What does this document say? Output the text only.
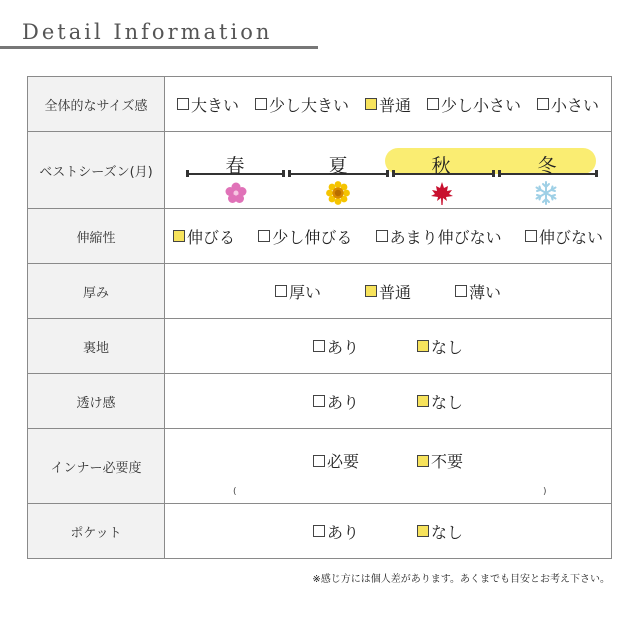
Detail Information
全体的なサイズ感	大きい 少し大きい 普通 少し小さい 小さい

ベストシーズン(月)	春 夏 秋 冬

伸縮性	伸びる 少し伸びる あまり伸びない 伸びない

厚み	厚い 普通 薄い

裏地	あり なし

透け感	あり なし

インナー必要度	必要 不要
( )

ポケット	あり なし
※感じ方には個人差があります。あくまでも目安とお考え下さい。
